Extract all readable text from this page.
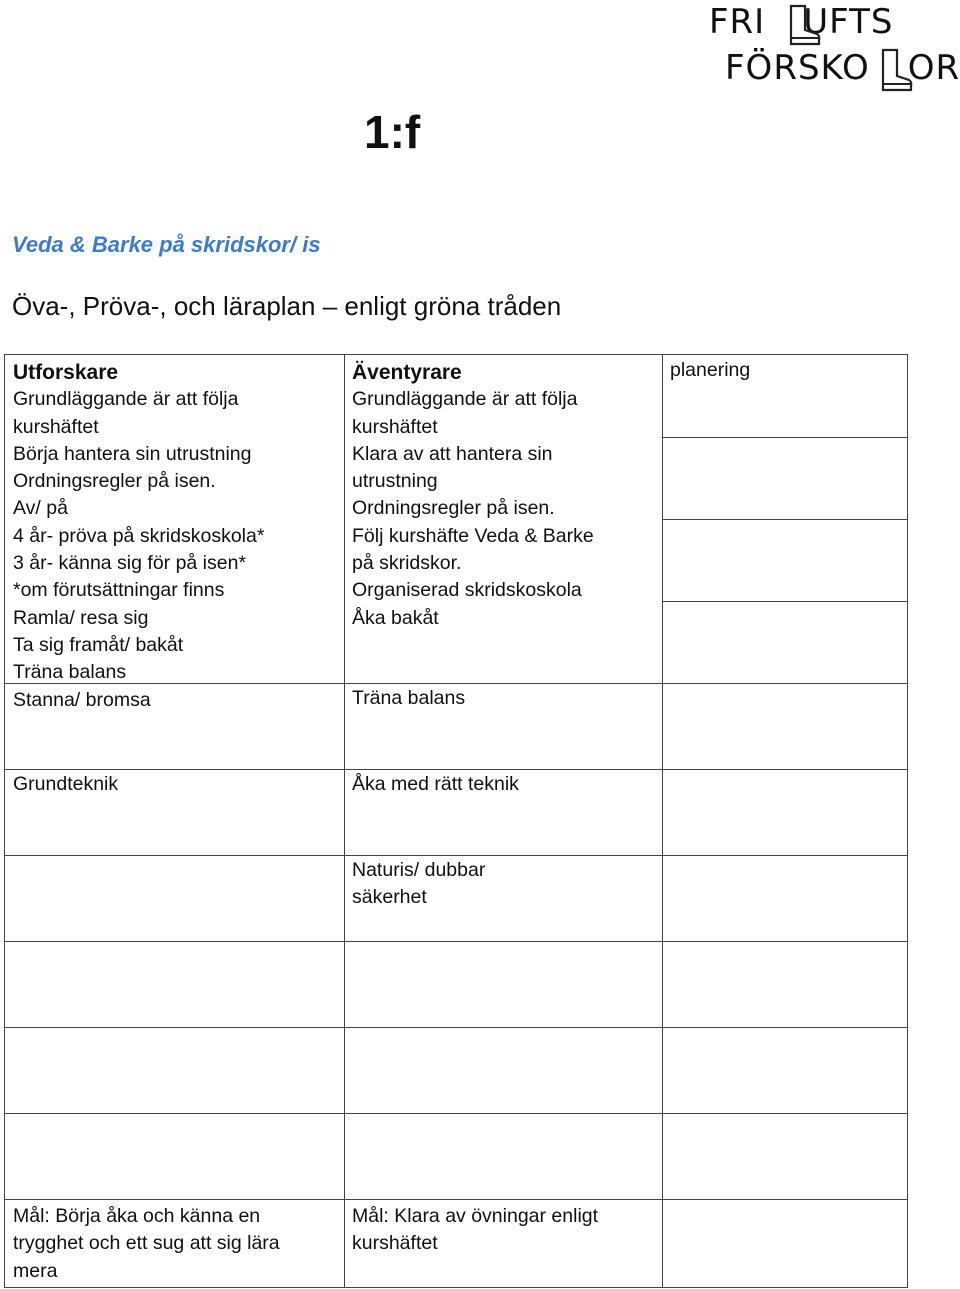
FRI UFTS
FÖRSKO OR
1:f
Veda & Barke på skridskor/ is
Öva-, Pröva-, och läraplan – enligt gröna tråden
Utforskare
Grundläggande är att följa
kurshäftet
Börja hantera sin utrustning
Ordningsregler på isen.
Av/ på
4 år- pröva på skridskoskola*
3 år- känna sig för på isen*
*om förutsättningar finns
Ramla/ resa sig
Ta sig framåt/ bakåt
Träna balans
Stanna/ bromsa
Äventyrare
Grundläggande är att följa
kurshäftet
Klara av att hantera sin
utrustning
Ordningsregler på isen.
Följ kurshäfte Veda & Barke
på skridskor.
Organiserad skridskoskola
Åka bakåt
Träna balans
planering
Grundteknik	Åka med rätt teknik
Naturis/ dubbar
säkerhet
Mål: Börja åka och känna en
trygghet och ett sug att sig lära
mera
Mål: Klara av övningar enligt
kurshäftet
